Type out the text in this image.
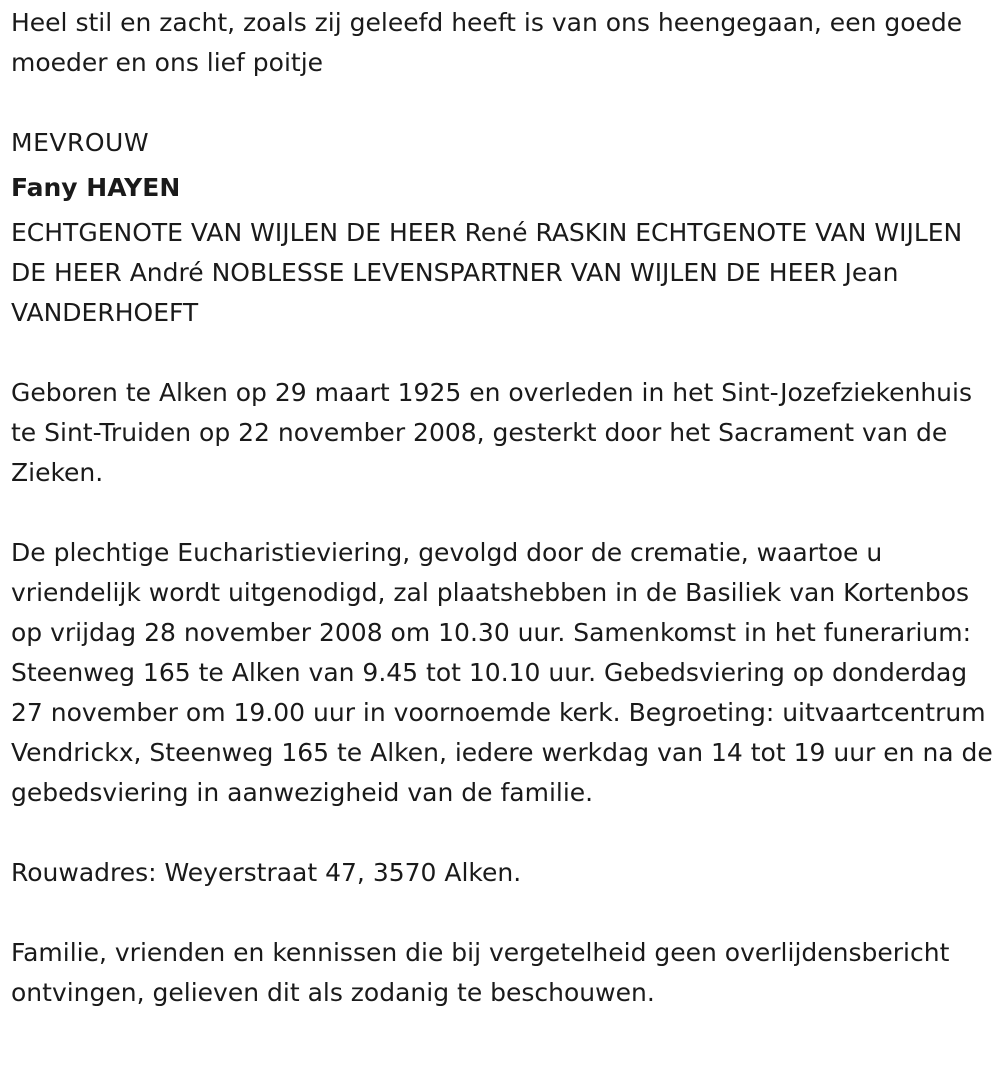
Heel stil en zacht, zoals zij geleefd heeft is van ons heengegaan, een goede moeder en ons lief poitje

MEVROUW

Fany HAYEN

ECHTGENOTE VAN WIJLEN DE HEER René RASKIN ECHTGENOTE VAN WIJLEN DE HEER André NOBLESSE LEVENSPARTNER VAN WIJLEN DE HEER Jean VANDERHOEFT

Geboren te Alken op 29 maart 1925 en overleden in het Sint-Jozefziekenhuis te Sint-Truiden op 22 november 2008, gesterkt door het Sacrament van de Zieken.

De plechtige Eucharistieviering, gevolgd door de crematie, waartoe u vriendelijk wordt uitgenodigd, zal plaatshebben in de Basiliek van Kortenbos op vrijdag 28 november 2008 om 10.30 uur. Samenkomst in het funerarium: Steenweg 165 te Alken van 9.45 tot 10.10 uur. Gebedsviering op donderdag 27 november om 19.00 uur in voornoemde kerk. Begroeting: uitvaartcentrum Vendrickx, Steenweg 165 te Alken, iedere werkdag van 14 tot 19 uur en na de gebedsviering in aanwezigheid van de familie.

Rouwadres: Weyerstraat 47, 3570 Alken.

Familie, vrienden en kennissen die bij vergetelheid geen overlijdensbericht ontvingen, gelieven dit als zodanig te beschouwen.
